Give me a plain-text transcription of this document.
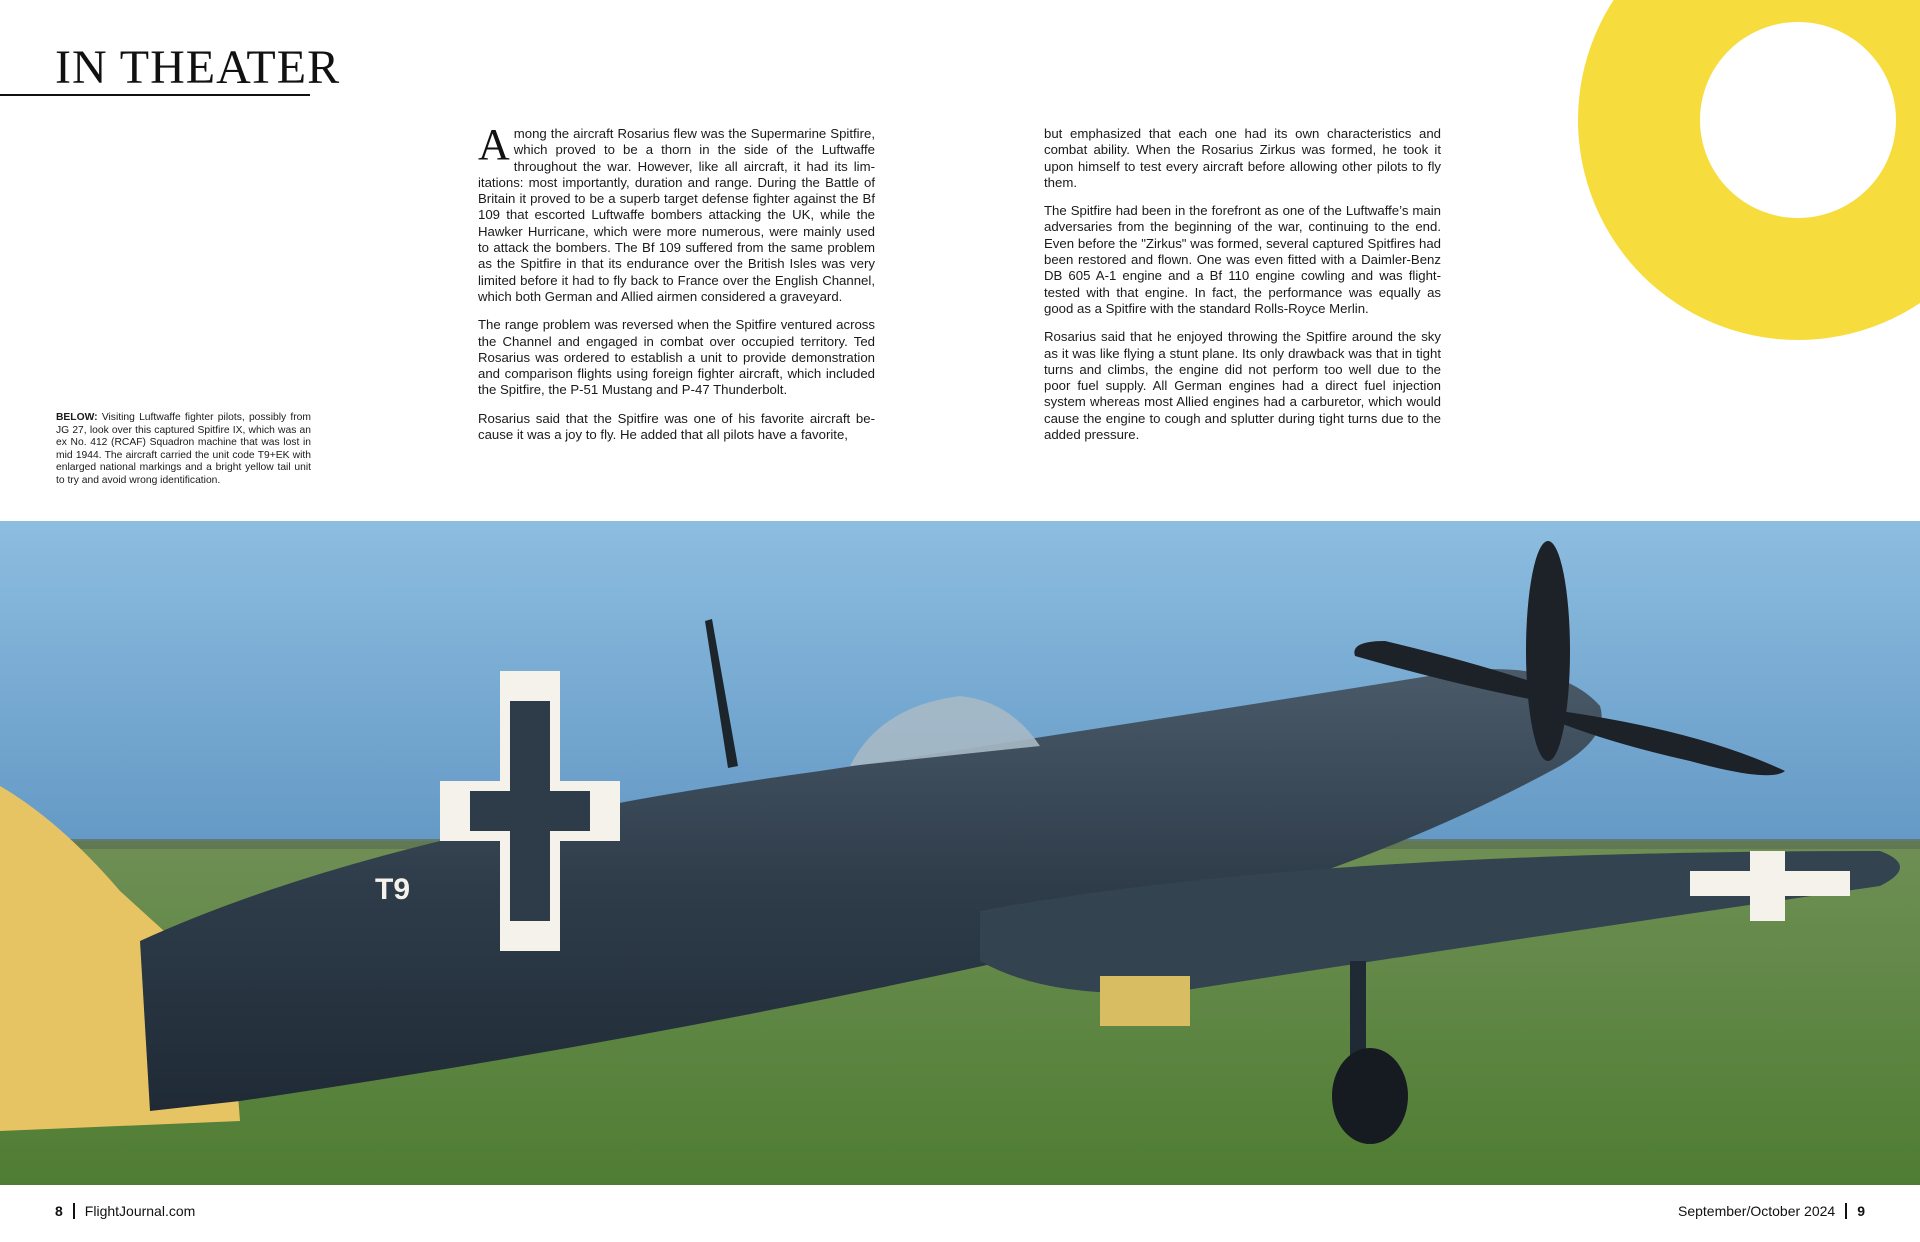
IN THEATER

BELOW: Visiting Luftwaffe fighter pilots, possibly from JG 27, look over this captured Spitfire IX, which was an ex No. 412 (RCAF) Squadron machine that was lost in mid 1944. The aircraft carried the unit code T9+EK with enlarged national markings and a bright yellow tail unit to try and avoid wrong identification.

Among the aircraft Rosarius flew was the Supermarine Spitfire, which proved to be a thorn in the side of the Luftwaffe throughout the war. However, like all aircraft, it had its limitations: most importantly, duration and range. During the Battle of Britain it proved to be a superb target defense fighter against the Bf 109 that escorted Luftwaffe bombers attacking the UK, while the Hawker Hurricane, which were more numerous, were mainly used to attack the bombers. The Bf 109 suffered from the same problem as the Spitfire in that its endurance over the British Isles was very limited before it had to fly back to France over the English Channel, which both German and Allied airmen considered a graveyard.

The range problem was reversed when the Spitfire ventured across the Channel and engaged in combat over occupied territory. Ted Rosarius was ordered to establish a unit to provide demonstration and comparison flights using foreign fighter aircraft, which included the Spitfire, the P-51 Mustang and P-47 Thunderbolt.

Rosarius said that the Spitfire was one of his favorite aircraft because it was a joy to fly. He added that all pilots have a favorite,

but emphasized that each one had its own characteristics and combat ability. When the Rosarius Zirkus was formed, he took it upon himself to test every aircraft before allowing other pilots to fly them.

The Spitfire had been in the forefront as one of the Luftwaffe’s main adversaries from the beginning of the war, continuing to the end. Even before the "Zirkus" was formed, several captured Spitfires had been restored and flown. One was even fitted with a Daimler-Benz DB 605 A-1 engine and a Bf 110 engine cowling and was flight-tested with that engine. In fact, the performance was equally as good as a Spitfire with the standard Rolls-Royce Merlin.

Rosarius said that he enjoyed throwing the Spitfire around the sky as it was like flying a stunt plane. Its only drawback was that in tight turns and climbs, the engine did not perform too well due to the poor fuel supply. All German engines had a direct fuel injection system whereas most Allied engines had a carburetor, which would cause the engine to cough and splutter during tight turns due to the added pressure.

T9
8 FlightJournal.com	September/October 2024 9
